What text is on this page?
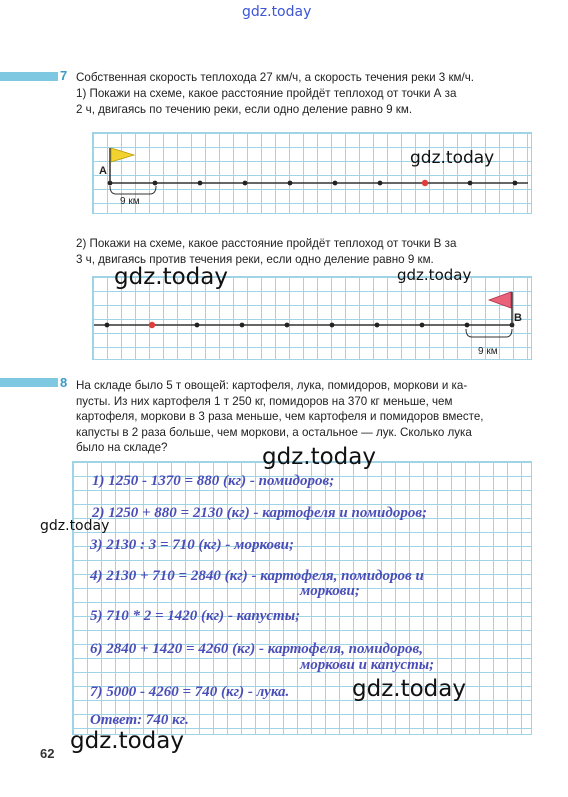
gdz.today
7 Собственная скорость теплохода 27 км/ч, а скорость течения реки 3 км/ч.
1) Покажи на схеме, какое расстояние пройдёт теплоход от точки А за
2 ч, двигаясь по течению реки, если одно деление равно 9 км.
А
9 км
gdz.today
2) Покажи на схеме, какое расстояние пройдёт теплоход от точки В за
3 ч, двигаясь против течения реки, если одно деление равно 9 км.
В
9 км
gdz.today	gdz.today
8 На складе было 5 т овощей: картофеля, лука, помидоров, моркови и ка-
пусты. Из них картофеля 1 т 250 кг, помидоров на 370 кг меньше, чем
картофеля, моркови в 3 раза меньше, чем картофеля и помидоров вместе,
капусты в 2 раза больше, чем моркови, а остальное — лук. Сколько лука
было на складе?	gdz.today
gdz.today
1) 1250 - 1370 = 880 (кг) - помидоров;
2) 1250 + 880 = 2130 (кг) - картофеля и помидоров;
3) 2130 : 3 = 710 (кг) - моркови;
4) 2130 + 710 = 2840 (кг) - картофеля, помидоров и
моркови;
5) 710 * 2 = 1420 (кг) - капусты;
6) 2840 + 1420 = 4260 (кг) - картофеля, помидоров,
моркови и капусты;
7) 5000 - 4260 = 740 (кг) - лука.
Ответ: 740 кг.
gdz.today
gdz.today
62
